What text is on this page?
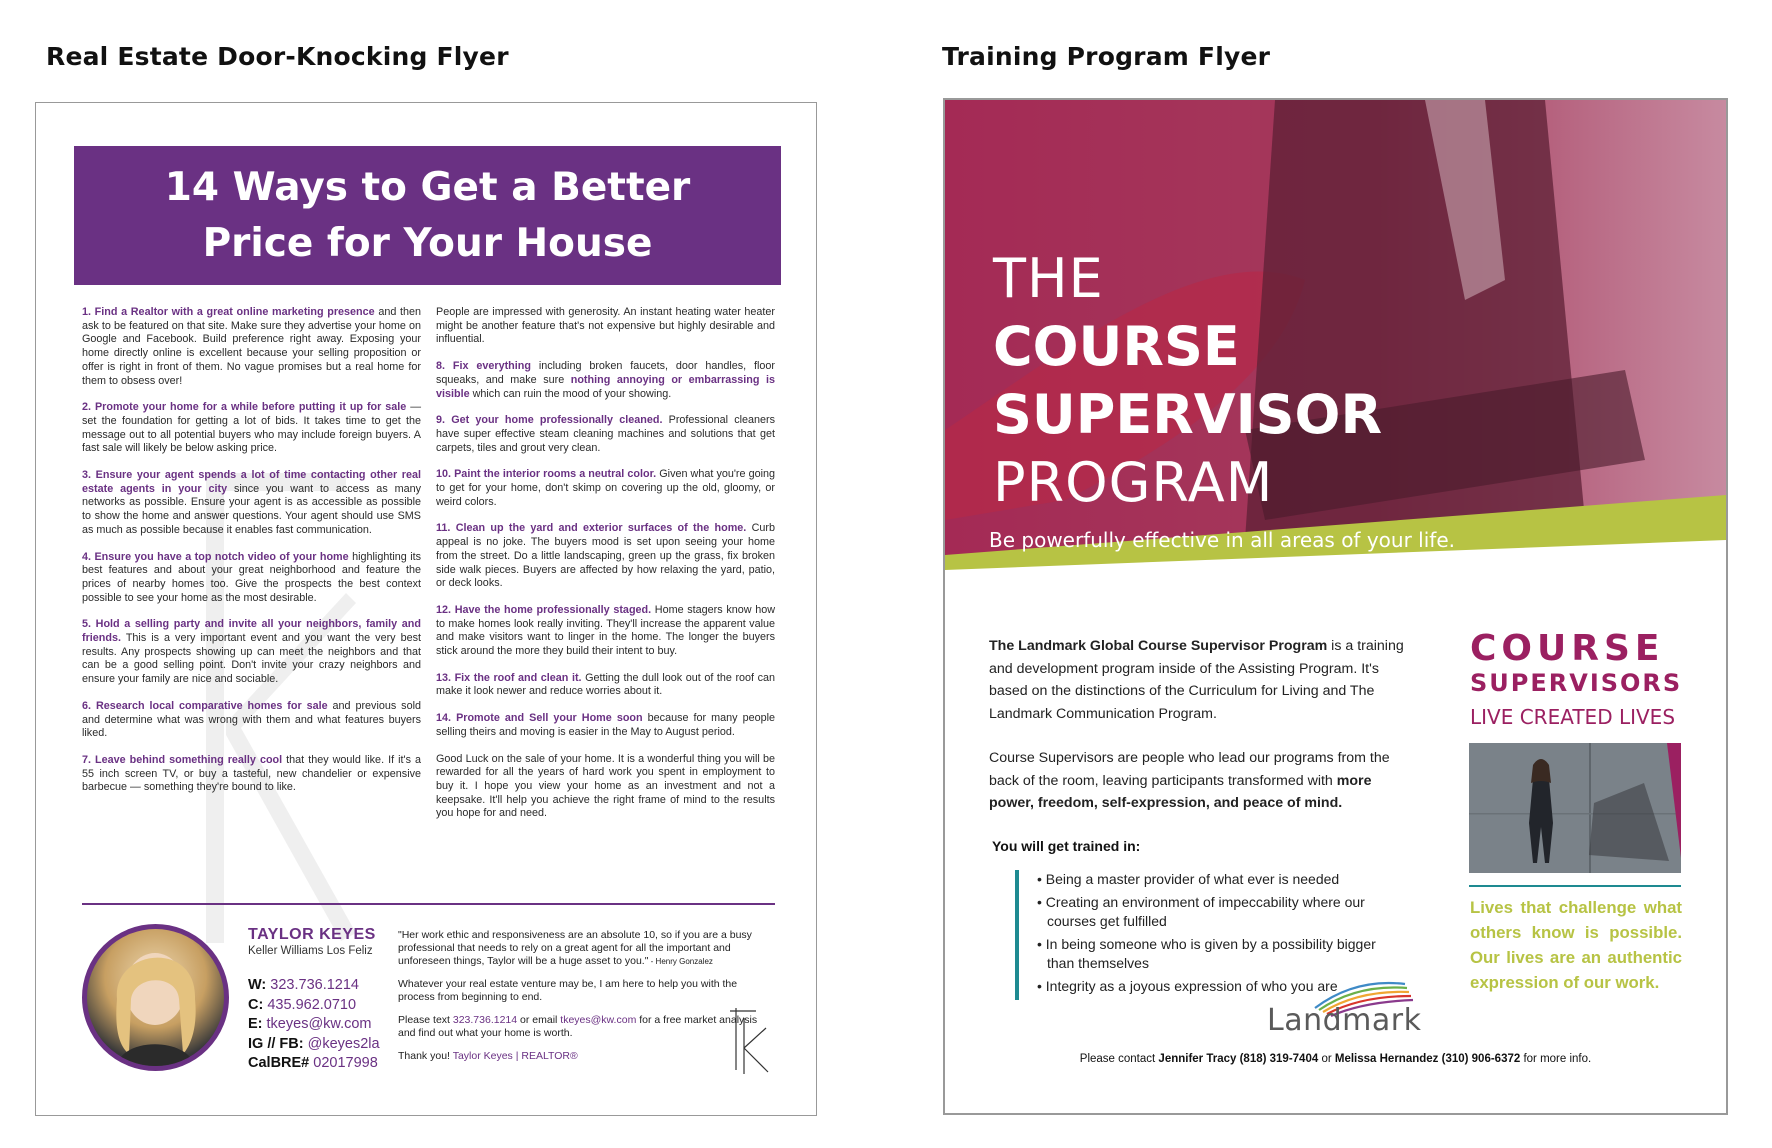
Real Estate Door-Knocking Flyer	Training Program Flyer
14 Ways to Get a Better
Price for Your House
1. Find a Realtor with a great online marketing presence and then ask to be featured on that site. Make sure they advertise your home on Google and Facebook. Build preference right away. Exposing your home directly online is excellent because your selling proposition or offer is right in front of them. No vague promises but a real home for them to obsess over!
2. Promote your home for a while before putting it up for sale — set the foundation for getting a lot of bids. It takes time to get the message out to all potential buyers who may include foreign buyers. A fast sale will likely be below asking price.
3. Ensure your agent spends a lot of time contacting other real estate agents in your city since you want to access as many networks as possible. Ensure your agent is as accessible as possible to show the home and answer questions. Your agent should use SMS as much as possible because it enables fast communication.
4. Ensure you have a top notch video of your home highlighting its best features and about your great neighborhood and feature the prices of nearby homes too. Give the prospects the best context possible to see your home as the most desirable.
5. Hold a selling party and invite all your neighbors, family and friends. This is a very important event and you want the very best results. Any prospects showing up can meet the neighbors and that can be a good selling point. Don't invite your crazy neighbors and ensure your family are nice and sociable.
6. Research local comparative homes for sale and previous sold and determine what was wrong with them and what features buyers liked.
7. Leave behind something really cool that they would like. If it's a 55 inch screen TV, or buy a tasteful, new chandelier or expensive barbecue — something they're bound to like.
People are impressed with generosity. An instant heating water heater might be another feature that's not expensive but highly desirable and influential.
8. Fix everything including broken faucets, door handles, floor squeaks, and make sure nothing annoying or embarrassing is visible which can ruin the mood of your showing.
9. Get your home professionally cleaned. Professional cleaners have super effective steam cleaning machines and solutions that get carpets, tiles and grout very clean.
10. Paint the interior rooms a neutral color. Given what you're going to get for your home, don't skimp on covering up the old, gloomy, or weird colors.
11. Clean up the yard and exterior surfaces of the home. Curb appeal is no joke. The buyers mood is set upon seeing your home from the street. Do a little landscaping, green up the grass, fix broken side walk pieces. Buyers are affected by how relaxing the yard, patio, or deck looks.
12. Have the home professionally staged. Home stagers know how to make homes look really inviting. They'll increase the apparent value and make visitors want to linger in the home. The longer the buyers stick around the more they build their intent to buy.
13. Fix the roof and clean it. Getting the dull look out of the roof can make it look newer and reduce worries about it.
14. Promote and Sell your Home soon because for many people selling theirs and moving is easier in the May to August period.
Good Luck on the sale of your home. It is a wonderful thing you will be rewarded for all the years of hard work you spent in employment to buy it. I hope you view your home as an investment and not a keepsake. It'll help you achieve the right frame of mind to the results you hope for and need.
TAYLOR KEYES
Keller Williams Los Feliz
W: 323.736.1214
C: 435.962.0710
E: tkeyes@kw.com
IG // FB: @keyes2la
CalBRE# 02017998

"Her work ethic and responsiveness are an absolute 10, so if you are a busy professional that needs to rely on a great agent for all the important and unforeseen things, Taylor will be a huge asset to you." - Henry Gonzalez

Whatever your real estate venture may be, I am here to help you with the process from beginning to end.

Please text 323.736.1214 or email tkeyes@kw.com for a free market analysis and find out what your home is worth.

Thank you! Taylor Keyes | REALTOR®

THE
COURSE
SUPERVISOR
PROGRAM
Be powerfully effective in all areas of your life.

The Landmark Global Course Supervisor Program is a training and development program inside of the Assisting Program. It's based on the distinctions of the Curriculum for Living and The Landmark Communication Program.

Course Supervisors are people who lead our programs from the back of the room, leaving participants transformed with more power, freedom, self-expression, and peace of mind.

You will get trained in:
• Being a master provider of what ever is needed
• Creating an environment of impeccability where our courses get fulfilled
• In being someone who is given by a possibility bigger than themselves
• Integrity as a joyous expression of who you are
COURSE
SUPERVISORS
LIVE CREATED LIVES
Lives that challenge what others know is possible. Our lives are an authentic expression of our work.
Landmark
Please contact Jennifer Tracy (818) 319-7404 or Melissa Hernandez (310) 906-6372 for more info.
